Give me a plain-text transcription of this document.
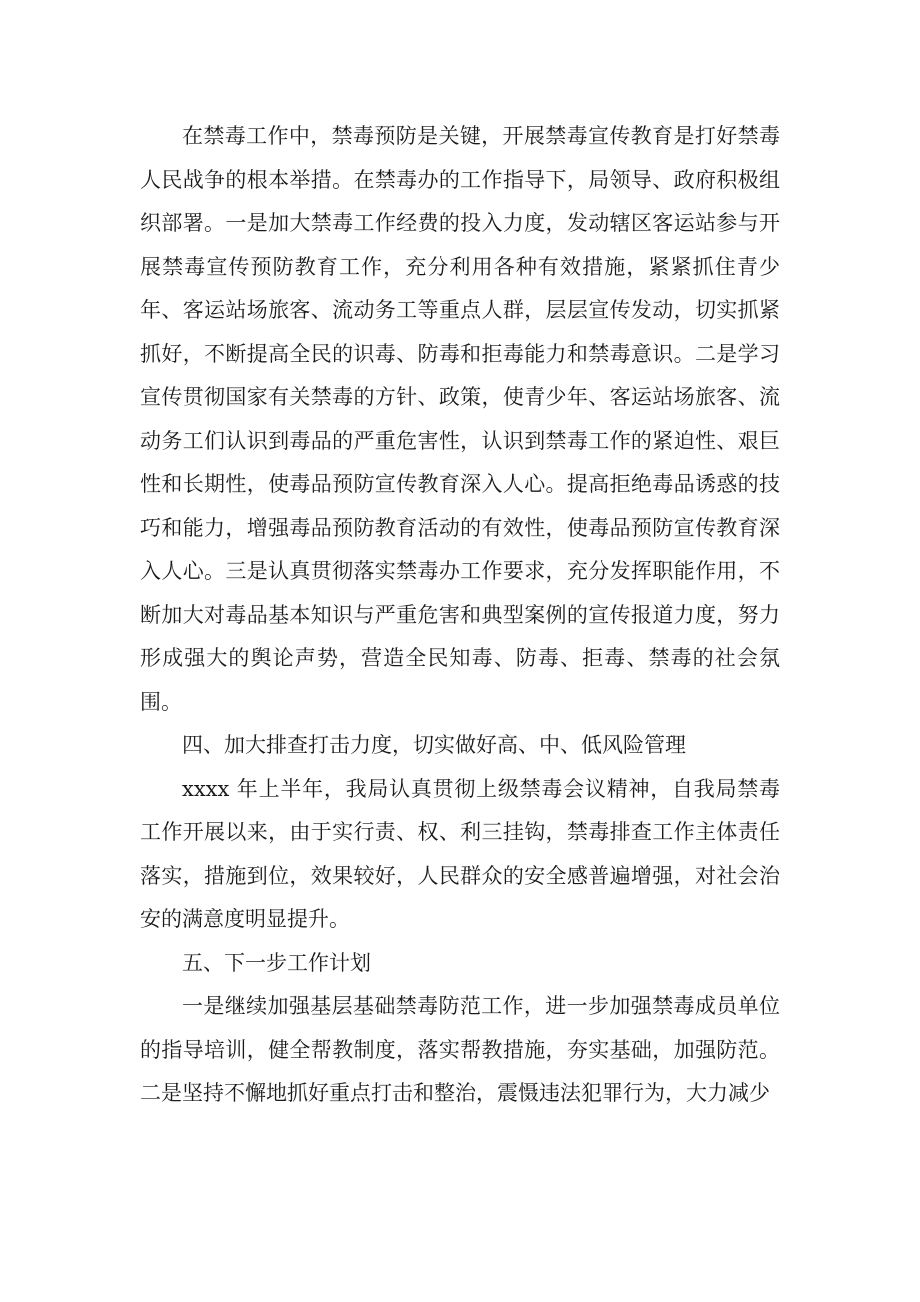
在禁毒工作中，禁毒预防是关键，开展禁毒宣传教育是打好禁毒人民战争的根本举措。在禁毒办的工作指导下，局领导、政府积极组织部署。一是加大禁毒工作经费的投入力度，发动辖区客运站参与开展禁毒宣传预防教育工作，充分利用各种有效措施，紧紧抓住青少年、客运站场旅客、流动务工等重点人群，层层宣传发动，切实抓紧抓好，不断提高全民的识毒、防毒和拒毒能力和禁毒意识。二是学习宣传贯彻国家有关禁毒的方针、政策，使青少年、客运站场旅客、流动务工们认识到毒品的严重危害性，认识到禁毒工作的紧迫性、艰巨性和长期性，使毒品预防宣传教育深入人心。提高拒绝毒品诱惑的技巧和能力，增强毒品预防教育活动的有效性，使毒品预防宣传教育深入人心。三是认真贯彻落实禁毒办工作要求，充分发挥职能作用，不断加大对毒品基本知识与严重危害和典型案例的宣传报道力度，努力形成强大的舆论声势，营造全民知毒、防毒、拒毒、禁毒的社会氛围。

四、加大排查打击力度，切实做好高、中、低风险管理

xxxx 年上半年，我局认真贯彻上级禁毒会议精神，自我局禁毒工作开展以来，由于实行责、权、利三挂钩，禁毒排查工作主体责任落实，措施到位，效果较好，人民群众的安全感普遍增强，对社会治安的满意度明显提升。

五、下一步工作计划

一是继续加强基层基础禁毒防范工作，进一步加强禁毒成员单位的指导培训，健全帮教制度，落实帮教措施，夯实基础，加强防范。二是坚持不懈地抓好重点打击和整治，震慑违法犯罪行为，大力减少
